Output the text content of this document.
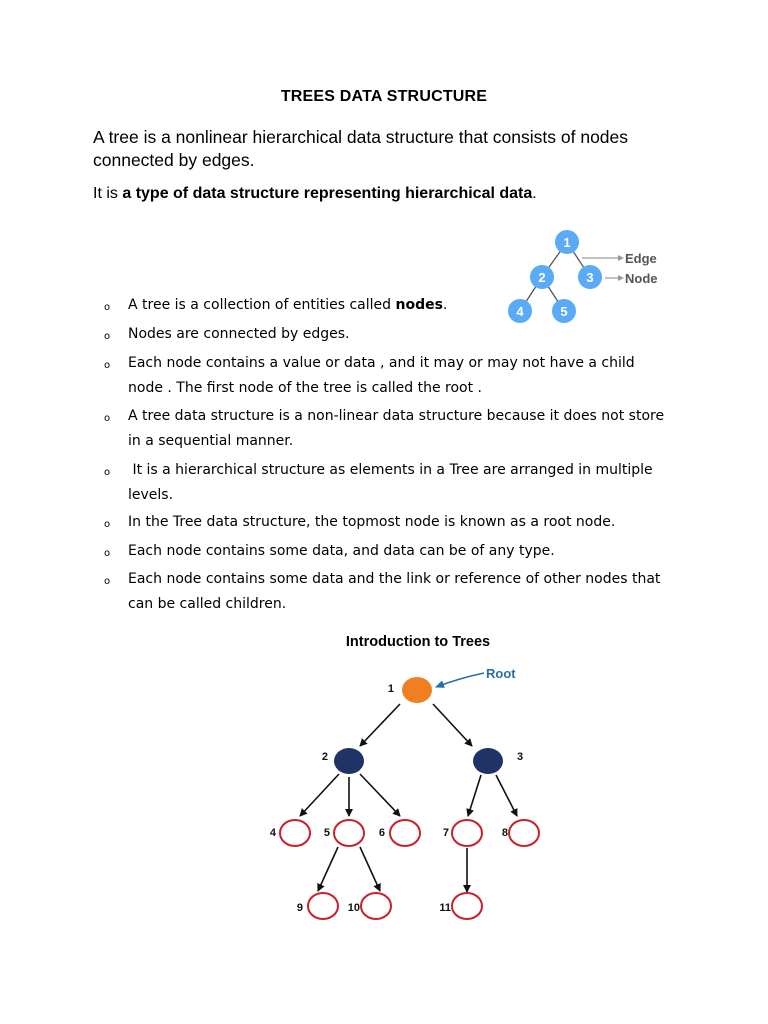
TREES DATA STRUCTURE
A tree is a nonlinear hierarchical data structure that consists of nodes connected by edges.
It is a type of data structure representing hierarchical data.
1
2	3
4	5
Edge
Node
o A tree is a collection of entities called nodes.
o Nodes are connected by edges.
o Each node contains a value or data , and it may or may not have a child
node . The first node of the tree is called the root .
o A tree data structure is a non-linear data structure because it does not store
in a sequential manner.
o It is a hierarchical structure as elements in a Tree are arranged in multiple
levels.
o In the Tree data structure, the topmost node is known as a root node.
o Each node contains some data, and data can be of any type.
o Each node contains some data and the link or reference of other nodes that
can be called children.
Introduction to Trees
Root
1
2	3
4	5	6	7	8
9	10	11
